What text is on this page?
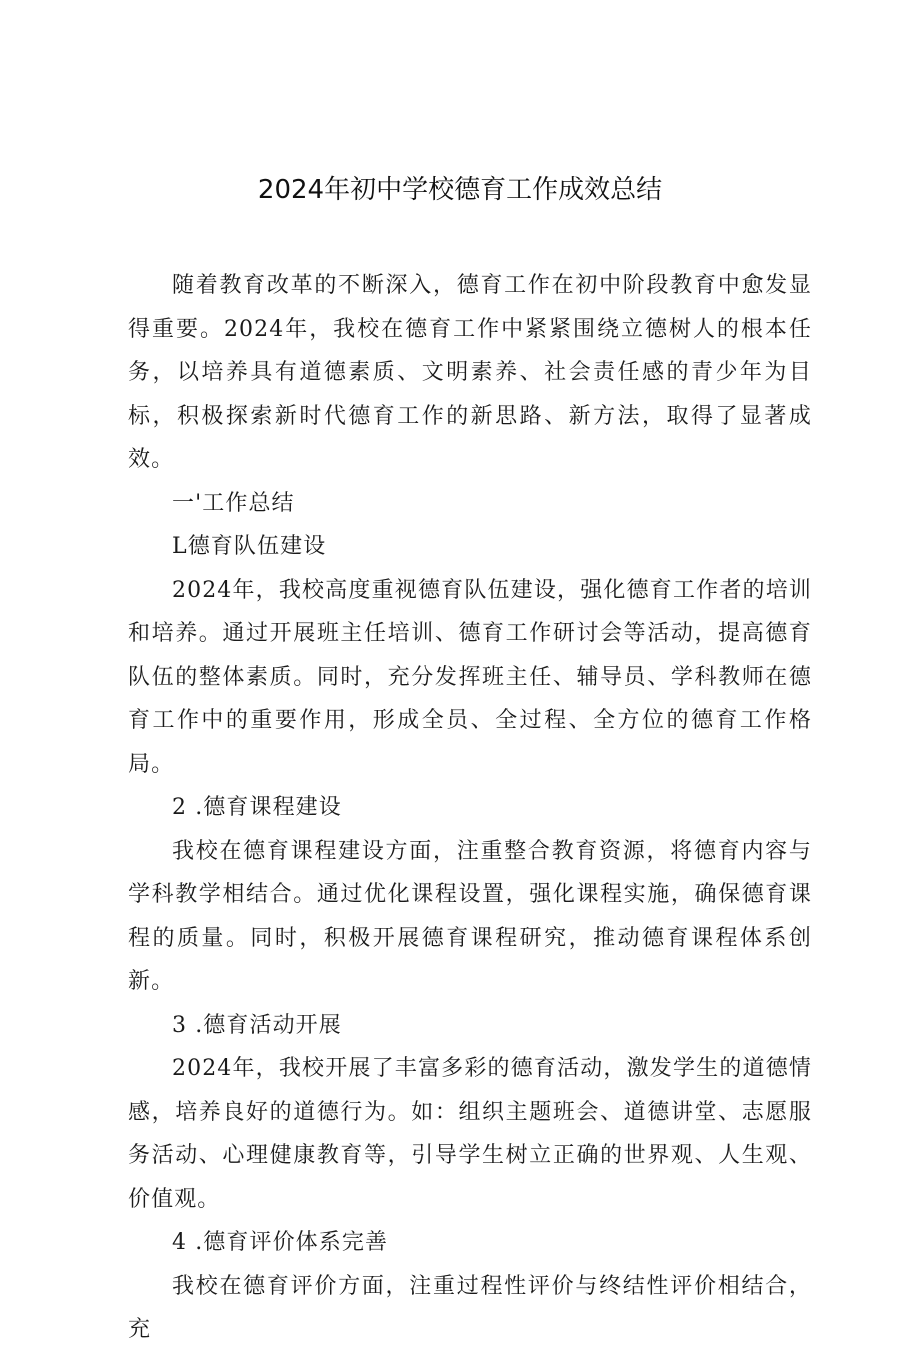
2024年初中学校德育工作成效总结

随着教育改革的不断深入，德育工作在初中阶段教育中愈发显得重要。2024年，我校在德育工作中紧紧围绕立德树人的根本任务，以培养具有道德素质、文明素养、社会责任感的青少年为目标，积极探索新时代德育工作的新思路、新方法，取得了显著成效。

一'工作总结

L德育队伍建设

2024年，我校高度重视德育队伍建设，强化德育工作者的培训和培养。通过开展班主任培训、德育工作研讨会等活动，提高德育队伍的整体素质。同时，充分发挥班主任、辅导员、学科教师在德育工作中的重要作用，形成全员、全过程、全方位的德育工作格局。

2 .德育课程建设

我校在德育课程建设方面，注重整合教育资源，将德育内容与学科教学相结合。通过优化课程设置，强化课程实施，确保德育课程的质量。同时，积极开展德育课程研究，推动德育课程体系创新。

3 .德育活动开展

2024年，我校开展了丰富多彩的德育活动，激发学生的道德情感，培养良好的道德行为。如：组织主题班会、道德讲堂、志愿服务活动、心理健康教育等，引导学生树立正确的世界观、人生观、价值观。

4 .德育评价体系完善

我校在德育评价方面，注重过程性评价与终结性评价相结合，充
